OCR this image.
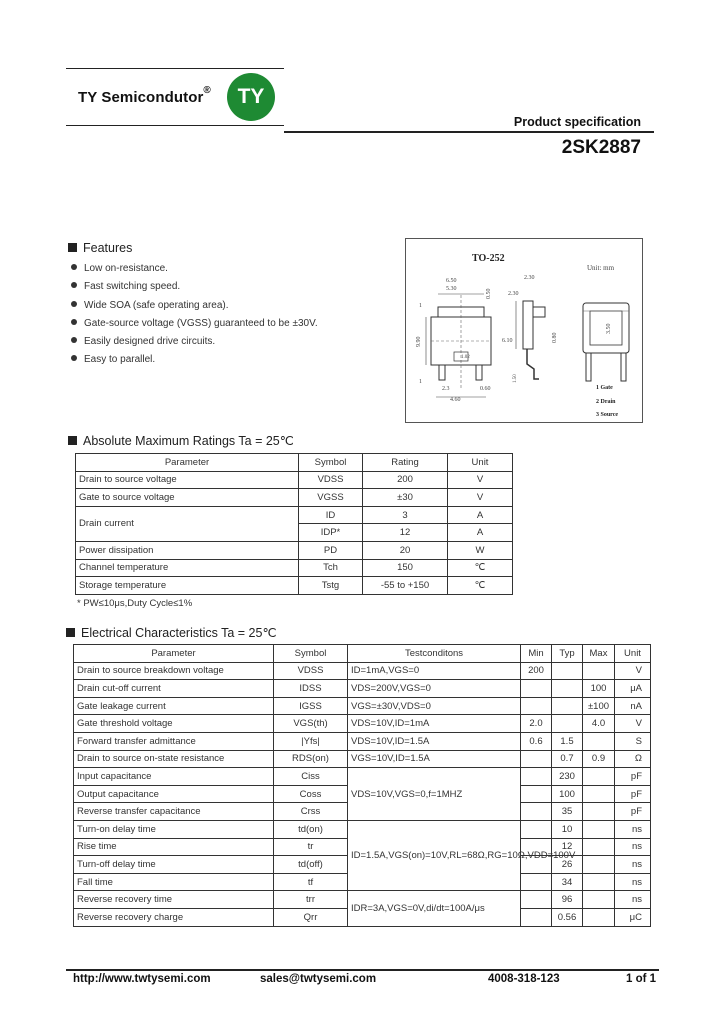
TY Semicondutor®	TY
Product specification
2SK2887
Features
Low on-resistance.
Fast switching speed.
Wide SOA (safe operating area).
Gate-source voltage (VGSS) guaranteed to be ±30V.
Easily designed drive circuits.
Easy to parallel.
TO-252
Unit: mm
6.50
5.30
2.3	0.60
4.60
9.90
0.50
1.02
1
1
2.30
2.30
6.10
1.50
0.80
3.50
1 Gate
2 Drain
3 Source
Absolute Maximum Ratings Ta = 25℃
Parameter	Symbol	Rating	Unit
Drain to source voltage	VDSS	200	V
Gate to source voltage	VGSS	±30	V
Drain current	ID	3	A
	IDP*	12	A
Power dissipation	PD	20	W
Channel temperature	Tch	150	℃
Storage temperature	Tstg	-55 to +150	℃
* PW≤10μs,Duty Cycle≤1%
Electrical Characteristics Ta = 25℃
Parameter	Symbol	Testconditons	Min	Typ	Max	Unit
Drain to source breakdown voltage	VDSS	ID=1mA,VGS=0	200			V
Drain cut-off current	IDSS	VDS=200V,VGS=0			100	μA
Gate leakage current	IGSS	VGS=±30V,VDS=0			±100	nA
Gate threshold voltage	VGS(th)	VDS=10V,ID=1mA	2.0		4.0	V
Forward transfer admittance	|Yfs|	VDS=10V,ID=1.5A	0.6	1.5		S
Drain to source on-state resistance	RDS(on)	VGS=10V,ID=1.5A		0.7	0.9	Ω
Input capacitance	Ciss	VDS=10V,VGS=0,f=1MHZ		230		pF
Output capacitance	Coss			100		pF
Reverse transfer capacitance	Crss			35		pF
Turn-on delay time	td(on)	ID=1.5A,VGS(on)=10V,RL=68Ω,RG=10Ω,VDD=100V		10		ns
Rise time	tr			12		ns
Turn-off delay time	td(off)			26		ns
Fall time	tf			34		ns
Reverse recovery time	trr	IDR=3A,VGS=0V,di/dt=100A/μs		96		ns
Reverse recovery charge	Qrr			0.56		μC
http://www.twtysemi.com	sales@twtysemi.com	4008-318-123	1 of 1
